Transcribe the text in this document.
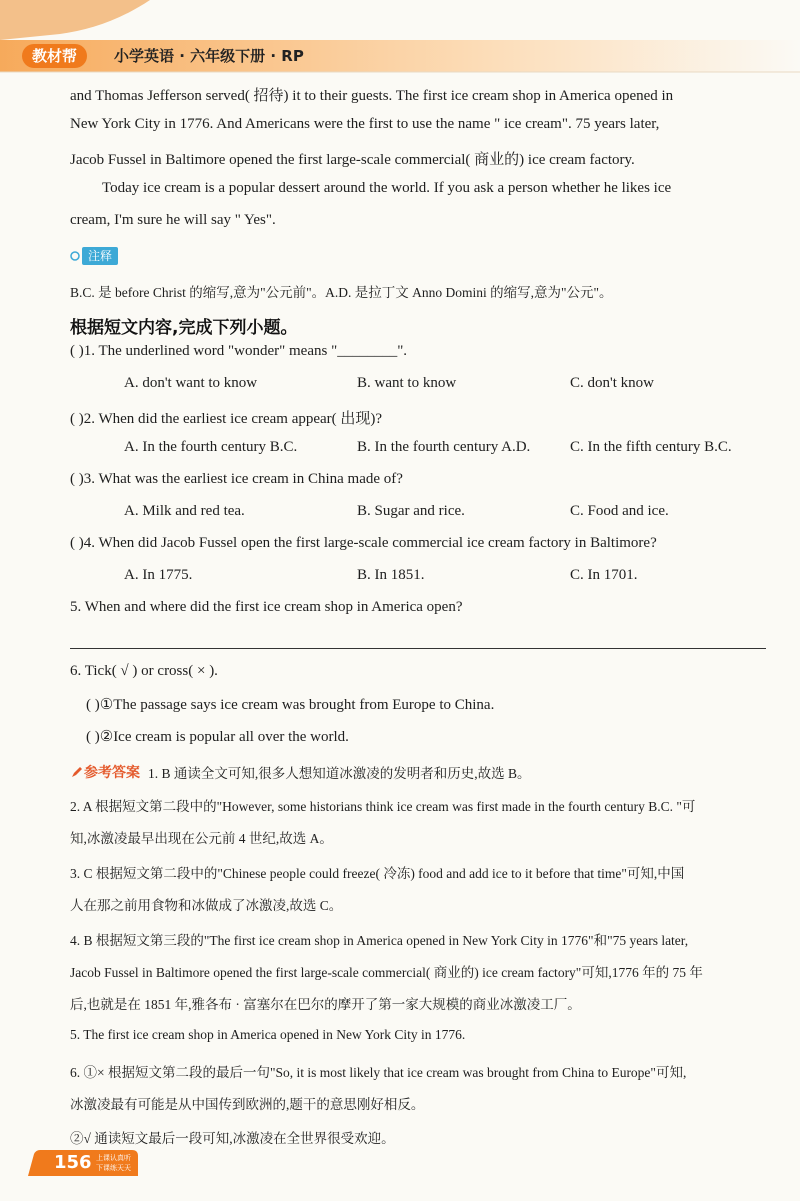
教材帮	小学英语 · 六年级下册 · RP
and Thomas Jefferson served( 招待) it to their guests. The first ice cream shop in America opened in
New York City in 1776. And Americans were the first to use the name " ice cream". 75 years later,
Jacob Fussel in Baltimore opened the first large-scale commercial( 商业的) ice cream factory.
Today ice cream is a popular dessert around the world. If you ask a person whether he likes ice
cream, I'm sure he will say " Yes".
注释
B.C. 是 before Christ 的缩写,意为"公元前"。A.D. 是拉丁文 Anno Domini 的缩写,意为"公元"。
根据短文内容,完成下列小题。
( )1. The underlined word "wonder" means "________".
A. don't want to know	B. want to know	C. don't know
( )2. When did the earliest ice cream appear( 出现)?
A. In the fourth century B.C.	B. In the fourth century A.D.	C. In the fifth century B.C.
( )3. What was the earliest ice cream in China made of?
A. Milk and red tea.	B. Sugar and rice.	C. Food and ice.
( )4. When did Jacob Fussel open the first large-scale commercial ice cream factory in Baltimore?
A. In 1775.	B. In 1851.	C. In 1701.
5. When and where did the first ice cream shop in America open?
6. Tick( √ ) or cross( × ).
( )①The passage says ice cream was brought from Europe to China.
( )②Ice cream is popular all over the world.
参考答案 1. B 通读全文可知,很多人想知道冰激凌的发明者和历史,故选 B。
2. A 根据短文第二段中的"However, some historians think ice cream was first made in the fourth century B.C. "可
知,冰激凌最早出现在公元前 4 世纪,故选 A。
3. C 根据短文第二段中的"Chinese people could freeze( 冷冻) food and add ice to it before that time"可知,中国
人在那之前用食物和冰做成了冰激凌,故选 C。
4. B 根据短文第三段的"The first ice cream shop in America opened in New York City in 1776"和"75 years later,
Jacob Fussel in Baltimore opened the first large-scale commercial( 商业的) ice cream factory"可知,1776 年的 75 年
后,也就是在 1851 年,雅各布 · 富塞尔在巴尔的摩开了第一家大规模的商业冰激凌工厂。
5. The first ice cream shop in America opened in New York City in 1776.
6. ①× 根据短文第二段的最后一句"So, it is most likely that ice cream was brought from China to Europe"可知,
冰激凌最有可能是从中国传到欧洲的,题干的意思刚好相反。
②√ 通读短文最后一段可知,冰激凌在全世界很受欢迎。
156 上课认真听
下课练天天
